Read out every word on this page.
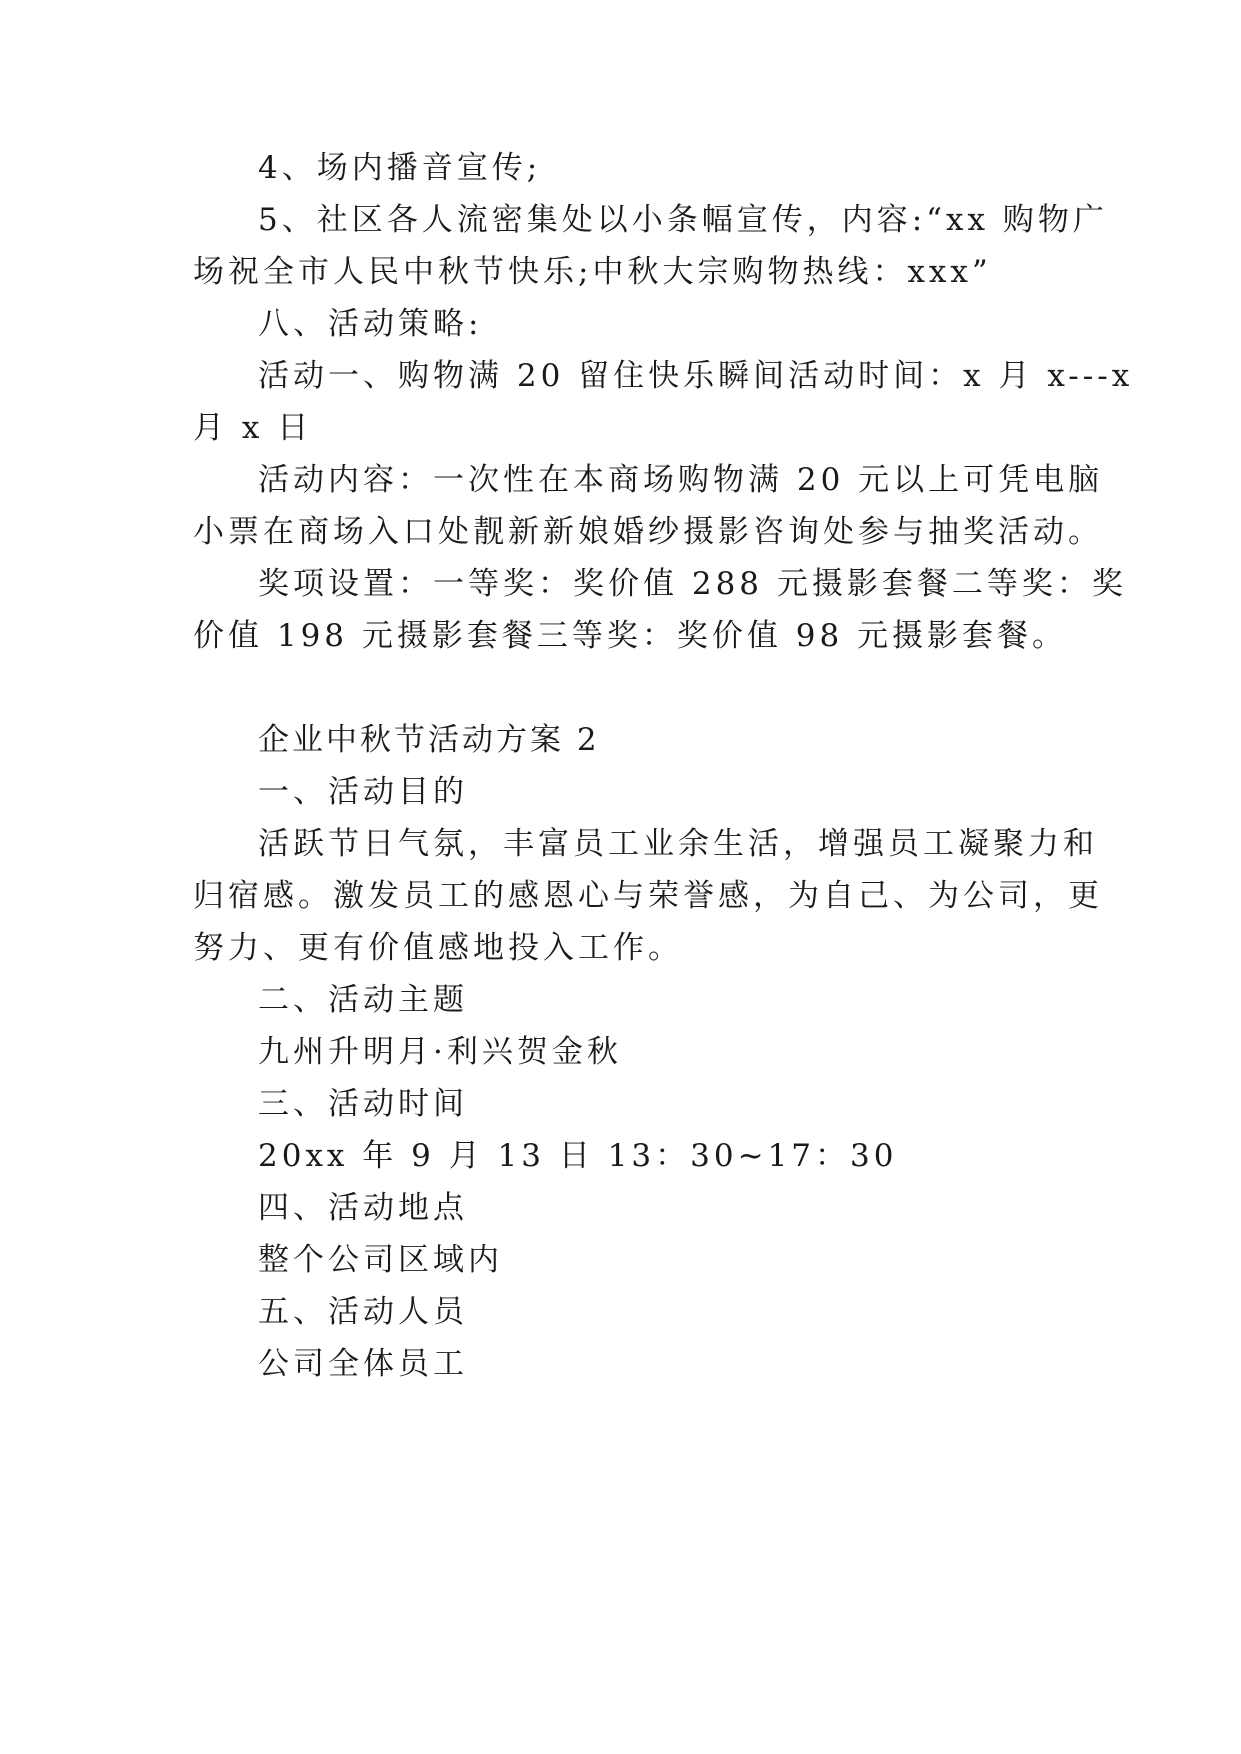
4、场内播音宣传;
5、社区各人流密集处以小条幅宣传，内容:“xx 购物广
场祝全市人民中秋节快乐;中秋大宗购物热线：xxx”
八、活动策略:
活动一、购物满 20 留住快乐瞬间活动时间：x 月 x---x
月 x 日
活动内容：一次性在本商场购物满 20 元以上可凭电脑
小票在商场入口处靓新新娘婚纱摄影咨询处参与抽奖活动。
奖项设置：一等奖：奖价值 288 元摄影套餐二等奖：奖
价值 198 元摄影套餐三等奖：奖价值 98 元摄影套餐。
企业中秋节活动方案 2
一、活动目的
活跃节日气氛，丰富员工业余生活，增强员工凝聚力和
归宿感。激发员工的感恩心与荣誉感，为自己、为公司，更
努力、更有价值感地投入工作。
二、活动主题
九州升明月·利兴贺金秋
三、活动时间
20xx 年 9 月 13 日 13：30~17：30
四、活动地点
整个公司区域内
五、活动人员
公司全体员工
